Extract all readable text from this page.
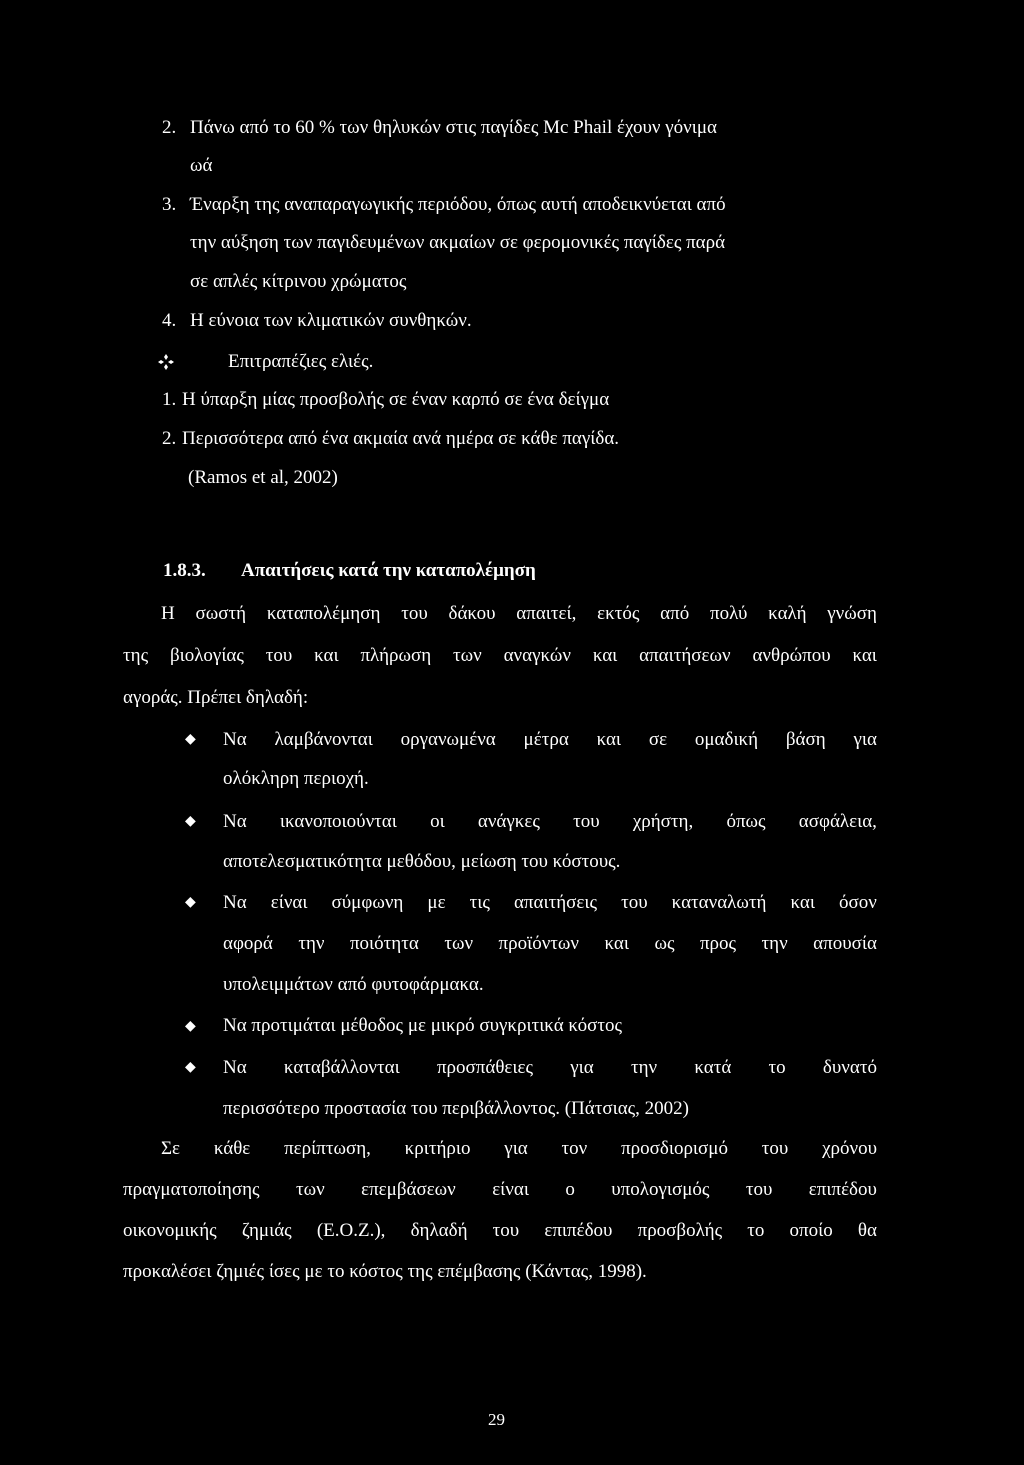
2. Πάνω από το 60 % των θηλυκών στις παγίδες Mc Phail έχουν γόνιμα
ωά
3. Έναρξη της αναπαραγωγικής περιόδου, όπως αυτή αποδεικνύεται από
την αύξηση των παγιδευμένων ακμαίων σε φερομονικές παγίδες παρά
σε απλές κίτρινου χρώματος
4. Η εύνοια των κλιματικών συνθηκών.
Επιτραπέζιες ελιές.
1. Η ύπαρξη μίας προσβολής σε έναν καρπό σε ένα δείγμα
2. Περισσότερα από ένα ακμαία ανά ημέρα σε κάθε παγίδα.
(Ramos et al, 2002)
1.8.3. Απαιτήσεις κατά την καταπολέμηση
Η σωστή καταπολέμηση του δάκου απαιτεί, εκτός από πολύ καλή γνώση
της βιολογίας του και πλήρωση των αναγκών και απαιτήσεων ανθρώπου και
αγοράς. Πρέπει δηλαδή:
◆ Να λαμβάνονται οργανωμένα μέτρα και σε ομαδική βάση για
ολόκληρη περιοχή.
◆ Να ικανοποιούνται οι ανάγκες του χρήστη, όπως ασφάλεια,
αποτελεσματικότητα μεθόδου, μείωση του κόστους.
◆ Να είναι σύμφωνη με τις απαιτήσεις του καταναλωτή και όσον
αφορά την ποιότητα των προϊόντων και ως προς την απουσία
υπολειμμάτων από φυτοφάρμακα.
◆ Να προτιμάται μέθοδος με μικρό συγκριτικά κόστος
◆ Να καταβάλλονται προσπάθειες για την κατά το δυνατό
περισσότερο προστασία του περιβάλλοντος. (Πάτσιας, 2002)
Σε κάθε περίπτωση, κριτήριο για τον προσδιορισμό του χρόνου
πραγματοποίησης των επεμβάσεων είναι ο υπολογισμός του επιπέδου
οικονομικής ζημιάς (Ε.Ο.Ζ.), δηλαδή του επιπέδου προσβολής το οποίο θα
προκαλέσει ζημιές ίσες με το κόστος της επέμβασης (Κάντας, 1998).
29
